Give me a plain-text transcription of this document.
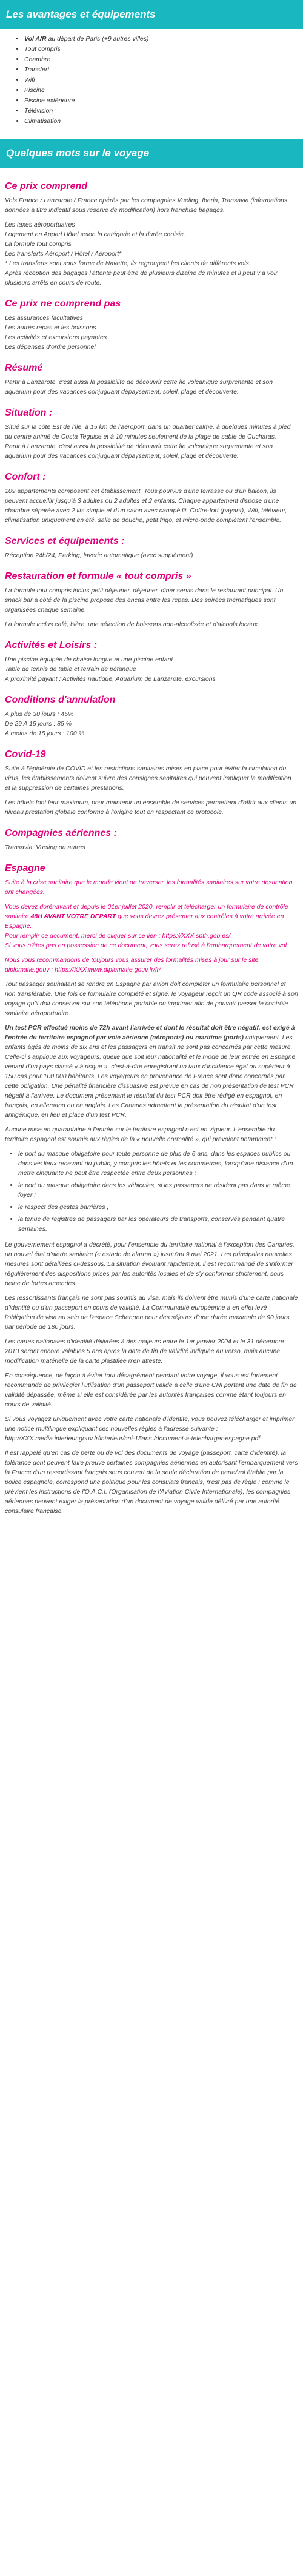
Les avantages et équipements
• Vol A/R au départ de Paris (+9 autres villes)
• Tout compris
• Chambre
• Transfert
• Wifi
• Piscine
• Piscine extérieure
• Télévision
• Climatisation
Quelques mots sur le voyage
Ce prix comprend

Vols France / Lanzarote / France opérés par les compagnies Vueling, Iberia, Transavia (informations données à titre indicatif sous réserve de modification) hors franchise bagages.

Les taxes aéroportuaires

Logement en Apparl Hôtel selon la catégorie et la durée choisie.

La formule tout compris

Les transferts Aéroport / Hôtel / Aéroport*

* Les transferts sont sous forme de Navette, ils regroupent les clients de différents vols.

Après réception des bagages l'attente peut être de plusieurs dizaine de minutes et il peut y a voir plusieurs arrêts en cours de route.

Ce prix ne comprend pas

Les assurances facultatives

Les autres repas et les boissons

Les activités et excursions payantes

Les dépenses d'ordre personnel

Résumé

Partir à Lanzarote, c'est aussi la possibilité de découvrir cette île volcanique surprenante et son aquarium pour des vacances conjuguant dépaysement, soleil, plage et découverte.

Situation :

Situé sur la côte Est de l'île, à 15 km de l'aéroport, dans un quartier calme, à quelques minutes à pied du centre animé de Costa Teguise et à 10 minutes seulement de la plage de sable de Cucharas.

Partir à Lanzarote, c'est aussi la possibilité de découvrir cette île volcanique surprenante et son aquarium pour des vacances conjuguant dépaysement, soleil, plage et découverte.

Confort :

109 appartements composent cet établissement. Tous pourvus d'une terrasse ou d'un balcon, ils peuvent accueillir jusqu'à 3 adultes ou 2 adultes et 2 enfants. Chaque appartement dispose d'une chambre séparée avec 2 lits simple et d'un salon avec canapé lit. Coffre-fort (payant), Wifi, télévieur, climatisation uniquement en été, salle de douche, petit frigo, et micro-onde complètent l'ensemble.

Services et équipements :

Réception 24h/24, Parking, laverie automatique (avec supplément)

Restauration et formule « tout compris »

La formule tout compris inclus petit déjeuner, déjeuner, diner servis dans le restaurant principal. Un snack bar à côté de la piscine propose des encas entre les repas. Des soirées thématiques sont organisées chaque semaine.

La formule inclus café, bière, une sélection de boissons non-alcoolisée et d'alcools locaux.

Activités et Loisirs :

Une piscine équipée de chaise longue et une piscine enfant

Table de tennis de table et terrain de pétanque

A proximité payant : Activités nautique, Aquarium de Lanzarote, excursions

Conditions d'annulation

A plus de 30 jours : 45%

De 29 A 15 jours : 85 %

A moins de 15 jours : 100 %

Covid-19

Suite à l'épidémie de COVID et les restrictions sanitaires mises en place pour éviter la circulation du virus, les établissements doivent suivre des consignes sanitaires qui peuvent impliquer la modification et la suppression de certaines prestations.

Les hôtels font leur maximum, pour maintenir un ensemble de services permettant d'offrir aux clients un niveau prestation globale conforme à l'origine tout en respectant ce protocole.

Compagnies aériennes :

Transavia, Vueling ou autres

Espagne

Suite à la crise sanitaire que le monde vient de traverser, les formalités sanitaires sur votre destination ont changées.

Vous devez dorénavant et depuis le 01er juillet 2020, remplir et télécharger un formulaire de contrôle sanitaire 48H AVANT VOTRE DEPART que vous devrez présenter aux contrôles à votre arrivée en Espagne.

Pour remplir ce document, merci de cliquer sur ce lien : https://XXX.spth.gob.es/

Si vous n'êtes pas en possession de ce document, vous serez refusé à l'embarquement de votre vol.

Nous vous recommandons de toujours vous assurer des formalités mises à jour sur le site diplomatie.gouv : https://XXX.www.diplomatie.gouv.fr/fr/

Tout passager souhaitant se rendre en Espagne par avion doit compléter un formulaire personnel et non transférable. Une fois ce formulaire complété et signé, le voyageur reçoit un QR code associé à son voyage qu'il doit conserver sur son téléphone portable ou imprimer afin de pouvoir passer le contrôle sanitaire aéroportuaire.

Un test PCR effectué moins de 72h avant l'arrivée et dont le résultat doit être négatif, est exigé à l'entrée du territoire espagnol par voie aérienne (aéroports) ou maritime (ports) uniquement. Les enfants âgés de moins de six ans et les passagers en transit ne sont pas concernés par cette mesure. Celle-ci s'applique aux voyageurs, quelle que soit leur nationalité et le mode de leur entrée en Espagne, venant d'un pays classé « à risque », c'est-à-dire enregistrant un taux d'incidence égal ou supérieur à 150 cas pour 100 000 habitants. Les voyageurs en provenance de France sont donc concernés par cette obligation. Une pénalité financière dissuasive est prévue en cas de non présentation de test PCR négatif à l'arrivée. Le document présentant le résultat du test PCR doit être rédigé en espagnol, en français, en allemand ou en anglais. Les Canaries admettent la présentation du résultat d'un test antigénique, en lieu et place d'un test PCR.

Aucune mise en quarantaine à l'entrée sur le territoire espagnol n'est en vigueur. L'ensemble du territoire espagnol est soumis aux règles de la « nouvelle normalité », qui prévoient notamment :

• le port du masque obligatoire pour toute personne de plus de 6 ans, dans les espaces publics ou dans les lieux recevant du public, y compris les hôtels et les commerces, lorsqu'une distance d'un mètre cinquante ne peut être respectée entre deux personnes ;
• le port du masque obligatoire dans les véhicules, si les passagers ne résident pas dans le même foyer ;
• le respect des gestes barrières ;
• la tenue de registres de passagers par les opérateurs de transports, conservés pendant quatre semaines.

Le gouvernement espagnol a décrété, pour l'ensemble du territoire national à l'exception des Canaries, un nouvel état d'alerte sanitaire (« estado de alarma ») jusqu'au 9 mai 2021. Les principales nouvelles mesures sont détaillées ci-dessous. La situation évoluant rapidement, il est recommandé de s'informer régulièrement des dispositions prises par les autorités locales et de s'y conformer strictement, sous peine de fortes amendes.

Les ressortissants français ne sont pas soumis au visa, mais ils doivent être munis d'une carte nationale d'identité ou d'un passeport en cours de validité. La Communauté européenne a en effet levé l'obligation de visa au sein de l'espace Schengen pour des séjours d'une durée maximale de 90 jours par période de 180 jours.

Les cartes nationales d'identité délivrées à des majeurs entre le 1er janvier 2004 et le 31 décembre 2013 seront encore valables 5 ans après la date de fin de validité indiquée au verso, mais aucune modification matérielle de la carte plastifiée n'en atteste.

En conséquence, de façon à éviter tout désagrément pendant votre voyage, il vous est fortement recommandé de privilégier l'utilisation d'un passeport valide à celle d'une CNI portant une date de fin de validité dépassée, même si elle est considérée par les autorités françaises comme étant toujours en cours de validité.

Si vous voyagez uniquement avec votre carte nationale d'identité, vous pouvez télécharger et imprimer une notice multilingue expliquant ces nouvelles règles à l'adresse suivante : http://XXX.media.interieur.gouv.fr/interieur/cni-15ans /document-a-telecharger-espagne.pdf.

Il est rappelé qu'en cas de perte ou de vol des documents de voyage (passeport, carte d'identité), la tolérance dont peuvent faire preuve certaines compagnies aériennes en autorisant l'embarquement vers la France d'un ressortissant français sous couvert de la seule déclaration de perte/vol établie par la police espagnole, correspond une politique pour les consulats français, n'est pas de règle : comme le prévient les instructions de l'O.A.C.I. (Organisation de l'Aviation Civile Internationale), les compagnies aériennes peuvent exiger la présentation d'un document de voyage valide délivré par une autorité consulaire française.
